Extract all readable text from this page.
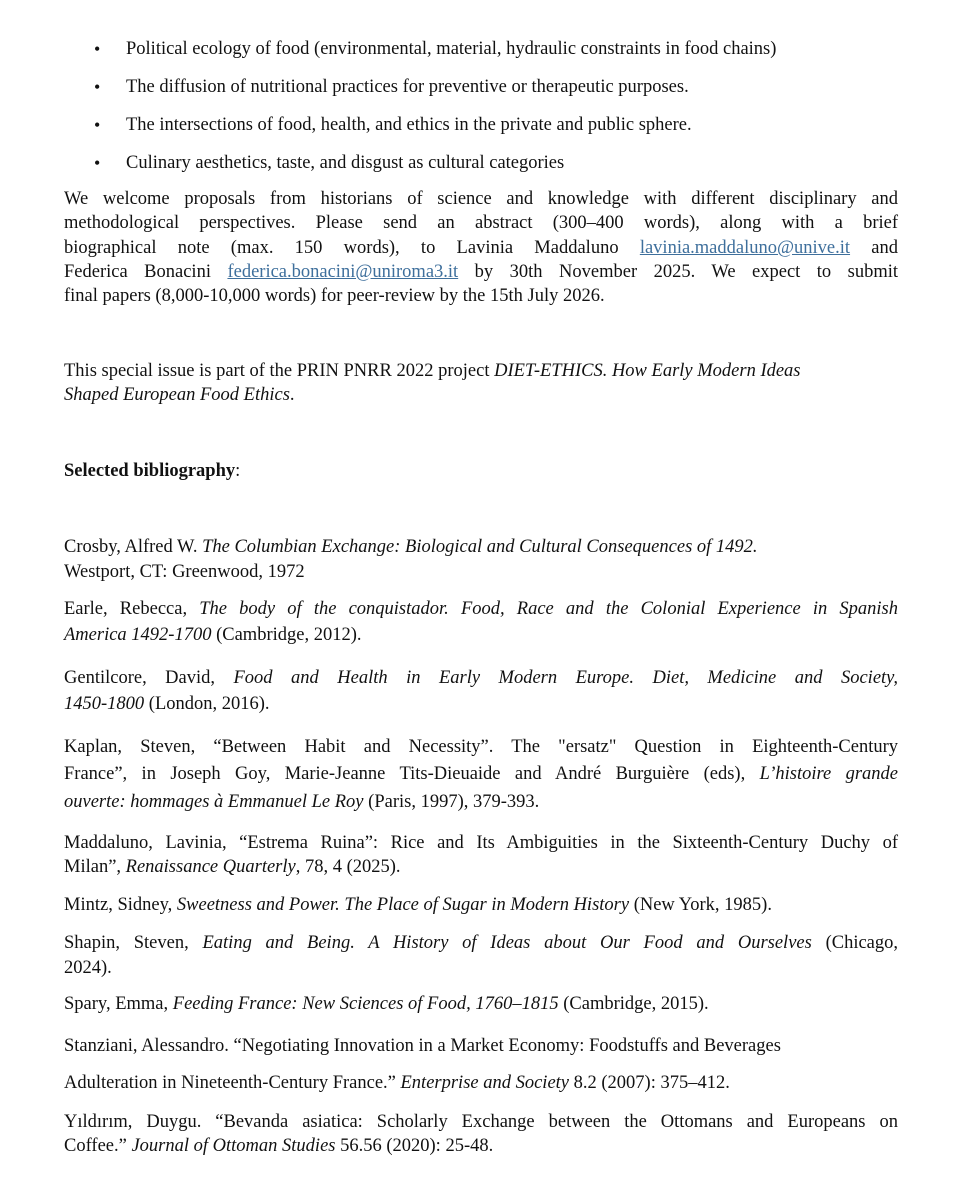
• Political ecology of food (environmental, material, hydraulic constraints in food chains)
• The diffusion of nutritional practices for preventive or therapeutic purposes.
• The intersections of food, health, and ethics in the private and public sphere.
• Culinary aesthetics, taste, and disgust as cultural categories
We welcome proposals from historians of science and knowledge with different disciplinary and
methodological perspectives. Please send an abstract (300–400 words), along with a brief
biographical note (max. 150 words), to Lavinia Maddaluno lavinia.maddaluno@unive.it and
Federica Bonacini federica.bonacini@uniroma3.it by 30th November 2025. We expect to submit
final papers (8,000-10,000 words) for peer-review by the 15th July 2026.
This special issue is part of the PRIN PNRR 2022 project DIET-ETHICS. How Early Modern Ideas
Shaped European Food Ethics.
Selected bibliography:
Crosby, Alfred W. The Columbian Exchange: Biological and Cultural Consequences of 1492.
Westport, CT: Greenwood, 1972
Earle, Rebecca, The body of the conquistador. Food, Race and the Colonial Experience in Spanish
America 1492-1700 (Cambridge, 2012).
Gentilcore, David, Food and Health in Early Modern Europe. Diet, Medicine and Society,
1450-1800 (London, 2016).
Kaplan, Steven, “Between Habit and Necessity”. The "ersatz" Question in Eighteenth-Century
France”, in Joseph Goy, Marie-Jeanne Tits-Dieuaide and André Burguière (eds), L’histoire grande
ouverte: hommages à Emmanuel Le Roy (Paris, 1997), 379-393.
Maddaluno, Lavinia, “Estrema Ruina”: Rice and Its Ambiguities in the Sixteenth-Century Duchy of
Milan”, Renaissance Quarterly, 78, 4 (2025).
Mintz, Sidney, Sweetness and Power. The Place of Sugar in Modern History (New York, 1985).
Shapin, Steven, Eating and Being. A History of Ideas about Our Food and Ourselves (Chicago,
2024).
Spary, Emma, Feeding France: New Sciences of Food, 1760–1815 (Cambridge, 2015).
Stanziani, Alessandro. “Negotiating Innovation in a Market Economy: Foodstuffs and Beverages
Adulteration in Nineteenth-Century France.” Enterprise and Society 8.2 (2007): 375–412.
Yıldırım, Duygu. “Bevanda asiatica: Scholarly Exchange between the Ottomans and Europeans on
Coffee.” Journal of Ottoman Studies 56.56 (2020): 25-48.
